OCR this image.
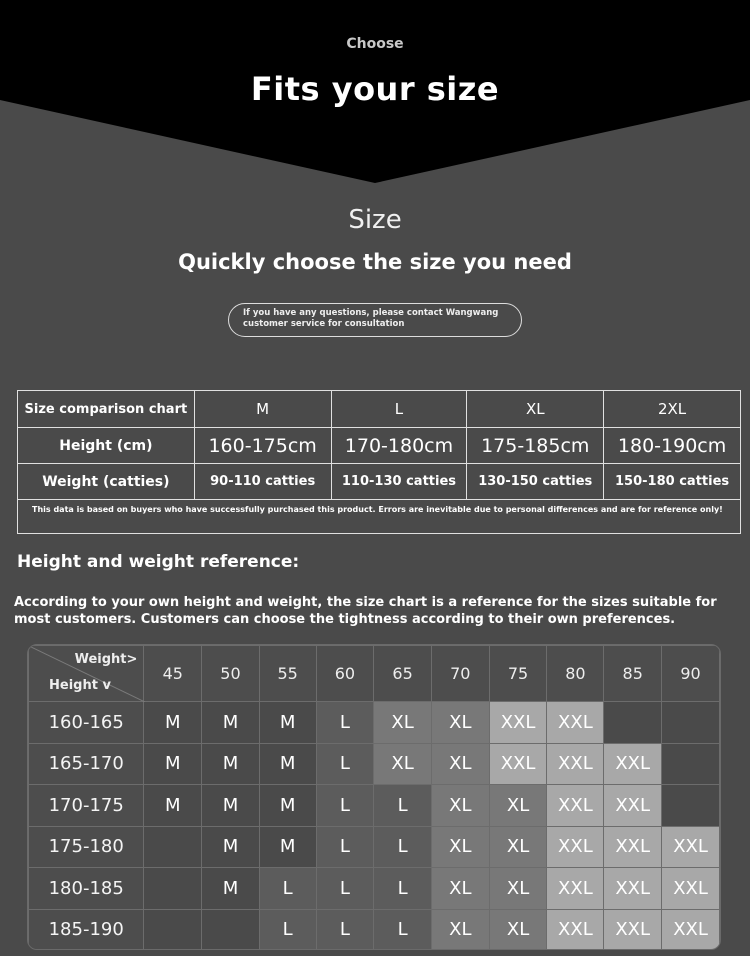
Choose
Fits your size
Size
Quickly choose the size you need
If you have any questions, please contact Wangwang customer service for consultation
Size comparison chart	M	L	XL	2XL
Height (cm)	160-175cm	170-180cm	175-185cm	180-190cm
Weight (catties)	90-110 catties	110-130 catties	130-150 catties	150-180 catties
This data is based on buyers who have successfully purchased this product. Errors are inevitable due to personal differences and are for reference only!				
Height and weight reference:
According to your own height and weight, the size chart is a reference for the sizes suitable for most customers. Customers can choose the tightness according to their own preferences.
Weight>
Height v	45	50	55	60	65	70	75	80	85	90
160-165	M	M	M	L	XL	XL	XXL	XXL		
165-170	M	M	M	L	XL	XL	XXL	XXL	XXL	
170-175	M	M	M	L	L	XL	XL	XXL	XXL	
175-180		M	M	L	L	XL	XL	XXL	XXL	XXL
180-185		M	L	L	L	XL	XL	XXL	XXL	XXL
185-190			L	L	L	XL	XL	XXL	XXL	XXL
